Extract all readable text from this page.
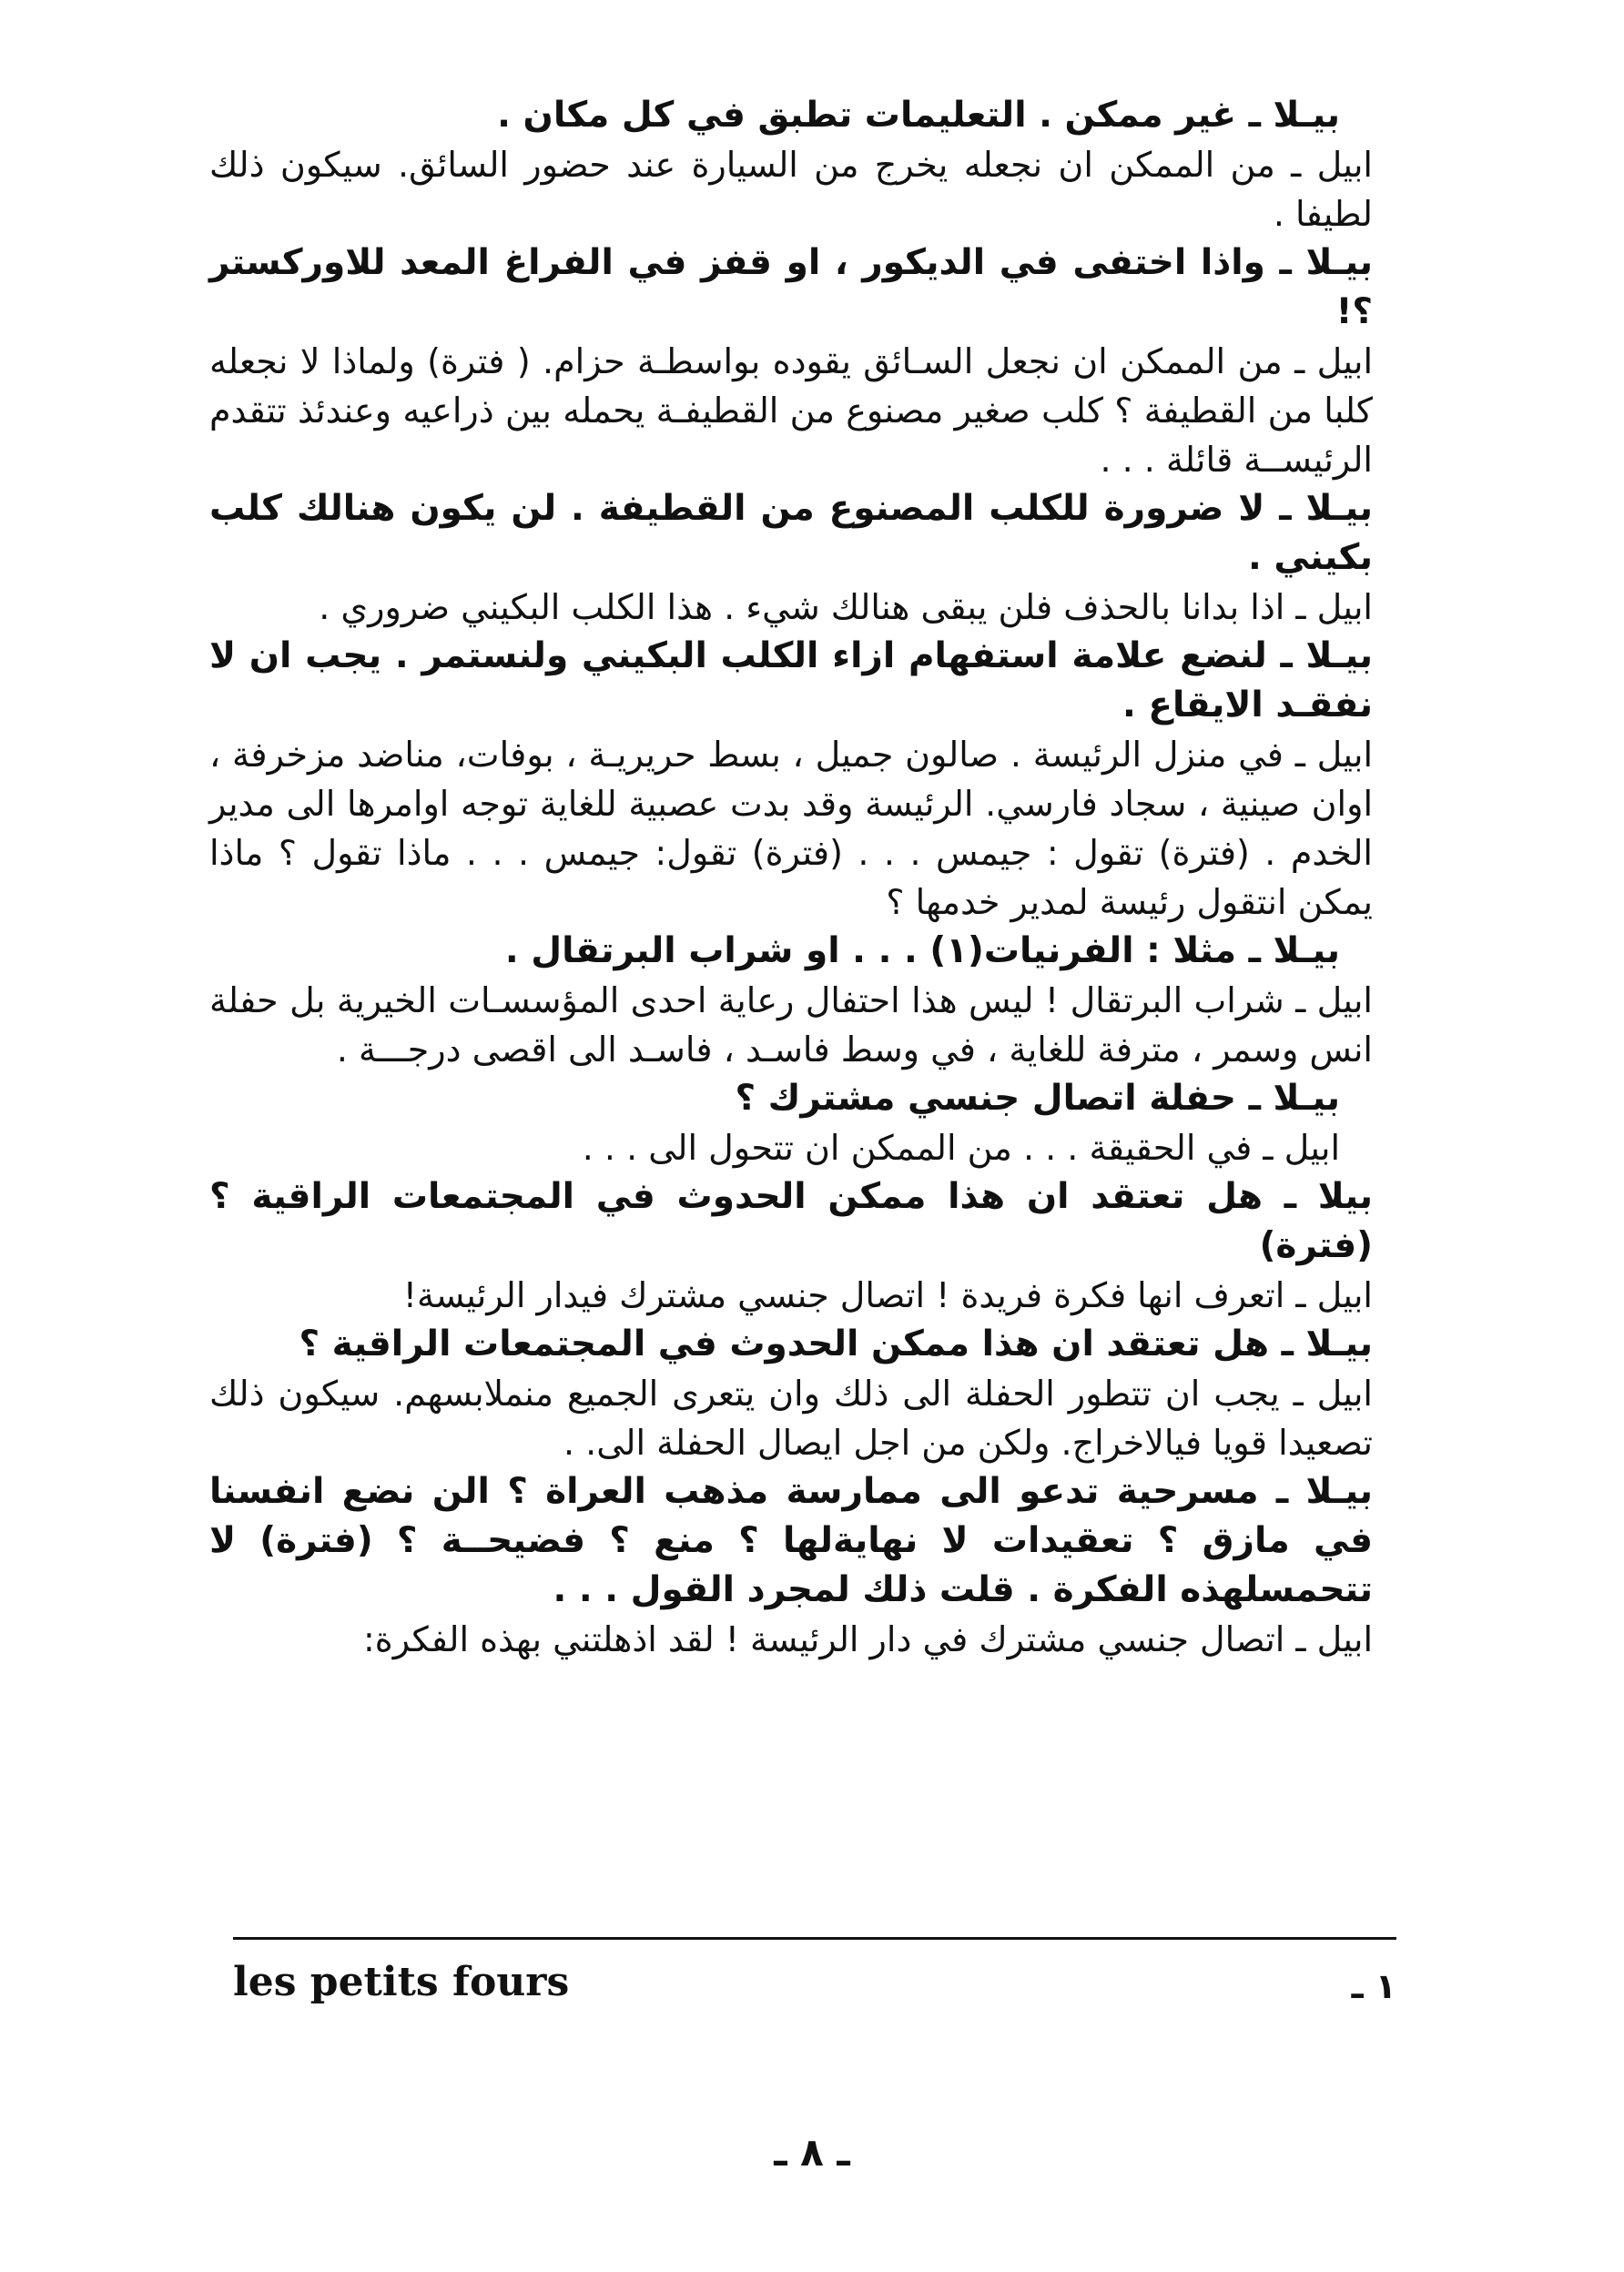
بيـلا ـ غير ممكن . التعليمات تطبق في كل مكان .

ابيل ـ من الممكن ان نجعله يخرج من السيارة عند حضور السائق. سيكون ذلك لطيفا .

بيـلا ـ واذا اختفى في الديكور ، او قفز في الفراغ المعد للاوركستر ؟!

ابيل ـ من الممكن ان نجعل السـائق يقوده بواسطـة حزام. ( فترة) ولماذا لا نجعله كلبا من القطيفة ؟ كلب صغير مصنوع من القطيفـة يحمله بين ذراعيه وعندئذ تتقدم الرئيســة قائلة . . .

بيـلا ـ لا ضرورة للكلب المصنوع من القطيفة . لن يكون هنالك كلب بكيني .

ابيل ـ اذا بدانا بالحذف فلن يبقى هنالك شيء . هذا الكلب البكيني ضروري .

بيـلا ـ لنضع علامة استفهام ازاء الكلب البكيني ولنستمر . يجب ان لا نفقـد الايقاع .

ابيل ـ في منزل الرئيسة . صالون جميل ، بسط حريريـة ، بوفات، مناضد مزخرفة ، اوان صينية ، سجاد فارسي. الرئيسة وقد بدت عصبية للغاية توجه اوامرها الى مدير الخدم . (فترة) تقول : جيمس . . . (فترة) تقول: جيمس . . . ماذا تقول ؟ ماذا يمكن انتقول رئيسة لمدير خدمها ؟

بيـلا ـ مثلا : الفرنيات(١) . . . او شراب البرتقال .

ابيل ـ شراب البرتقال ! ليس هذا احتفال رعاية احدى المؤسسـات الخيرية بل حفلة انس وسمر ، مترفة للغاية ، في وسط فاسـد ، فاسـد الى اقصى درجـــة .

بيـلا ـ حفلة اتصال جنسي مشترك ؟

ابيل ـ في الحقيقة . . . من الممكن ان تتحول الى . . .

بيلا ـ هل تعتقد ان هذا ممكن الحدوث في المجتمعات الراقية ؟ (فترة)

ابيل ـ اتعرف انها فكرة فريدة ! اتصال جنسي مشترك فيدار الرئيسة!

بيـلا ـ هل تعتقد ان هذا ممكن الحدوث في المجتمعات الراقية ؟

ابيل ـ يجب ان تتطور الحفلة الى ذلك وان يتعرى الجميع منملابسهم. سيكون ذلك تصعيدا قويا فيالاخراج. ولكن من اجل ايصال الحفلة الى. .

بيـلا ـ مسرحية تدعو الى ممارسة مذهب العراة ؟ الن نضع انفسنا في مازق ؟ تعقيدات لا نهايةلها ؟ منع ؟ فضيحــة ؟ (فترة) لا تتحمسلهذه الفكرة . قلت ذلك لمجرد القول . . .

ابيل ـ اتصال جنسي مشترك في دار الرئيسة ! لقد اذهلتني بهذه الفكرة:

les petits fours	١ ـ
ـ ٨ ـ
